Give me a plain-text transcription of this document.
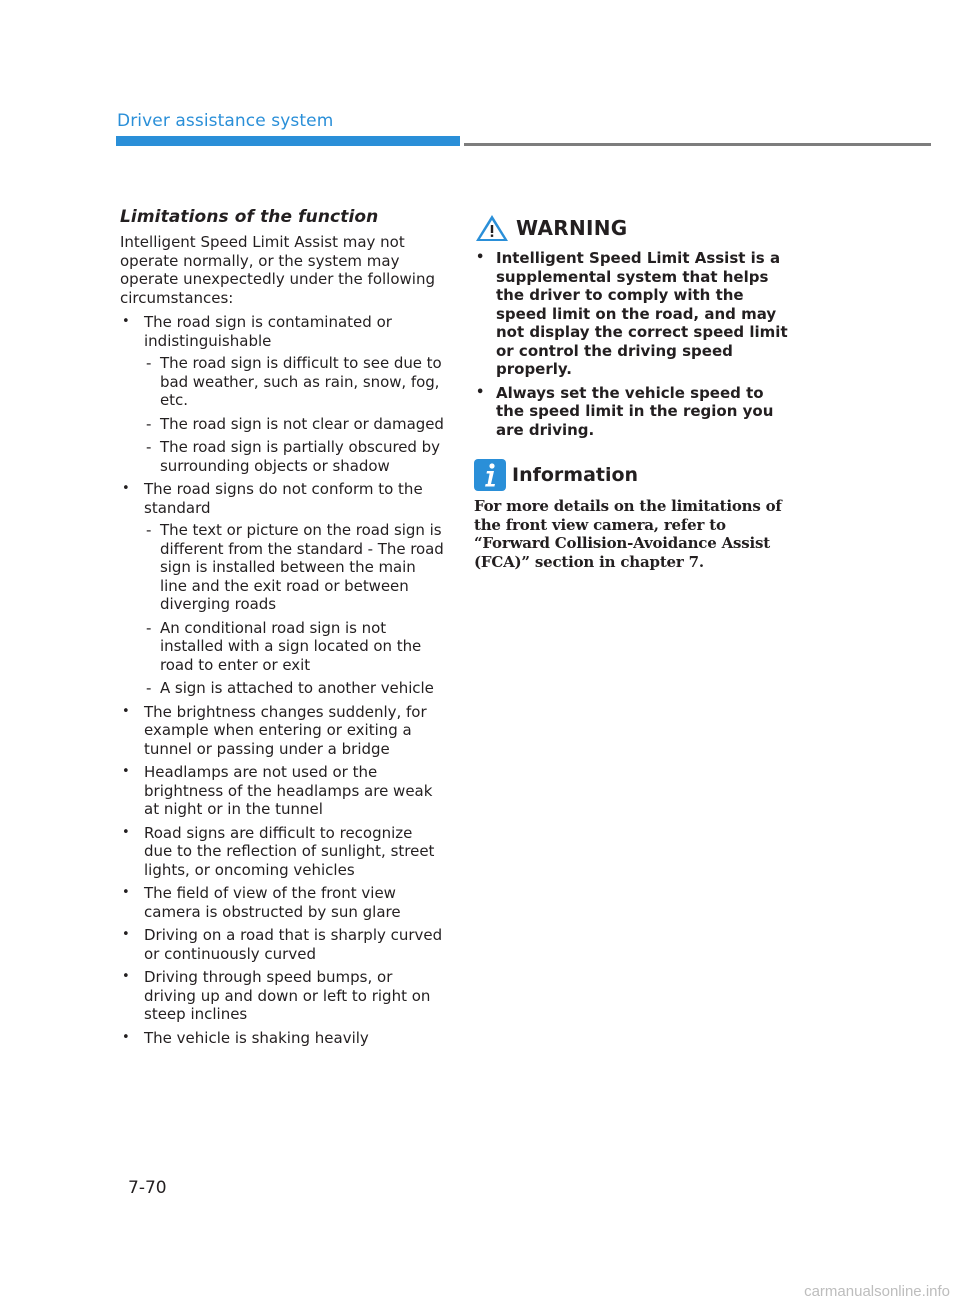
Driver assistance system
Limitations of the function

Intelligent Speed Limit Assist may not operate normally, or the system may operate unexpectedly under the following circumstances:

• The road sign is contaminated or indistinguishable
- The road sign is difficult to see due to bad weather, such as rain, snow, fog, etc.
- The road sign is not clear or damaged
- The road sign is partially obscured by surrounding objects or shadow
• The road signs do not conform to the standard
- The text or picture on the road sign is different from the standard - The road sign is installed between the main line and the exit road or between diverging roads
- An conditional road sign is not installed with a sign located on the road to enter or exit
- A sign is attached to another vehicle
• The brightness changes suddenly, for example when entering or exiting a tunnel or passing under a bridge
• Headlamps are not used or the brightness of the headlamps are weak at night or in the tunnel
• Road signs are difficult to recognize due to the reflection of sunlight, street lights, or oncoming vehicles
• The field of view of the front view camera is obstructed by sun glare
• Driving on a road that is sharply curved or continuously curved
• Driving through speed bumps, or driving up and down or left to right on steep inclines
• The vehicle is shaking heavily
WARNING
• Intelligent Speed Limit Assist is a supplemental system that helps the driver to comply with the speed limit on the road, and may not display the correct speed limit or control the driving speed properly.
• Always set the vehicle speed to the speed limit in the region you are driving.
Information

For more details on the limitations of the front view camera, refer to “Forward Collision-Avoidance Assist (FCA)” section in chapter 7.

7-70
carmanualsonline.info
